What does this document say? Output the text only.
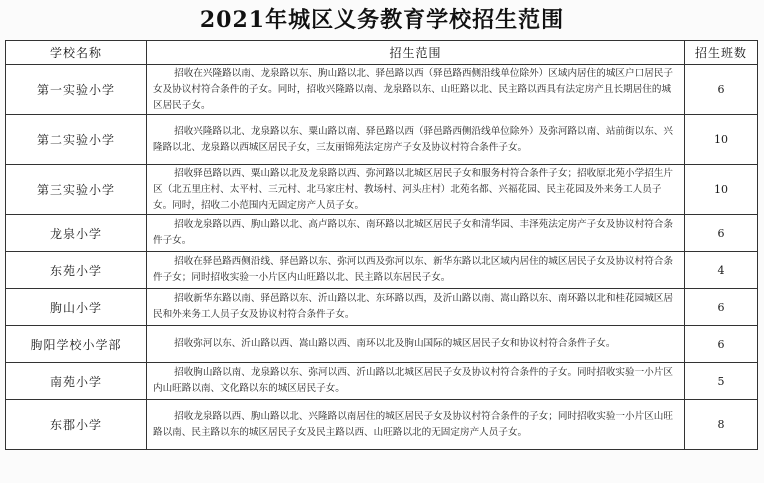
2021年城区义务教育学校招生范围
学校名称	招生范围	招生班数
第一实验小学	招收在兴隆路以南、龙泉路以东、朐山路以北、驿邑路以西（驿邑路西侧沿线单位除外）区域内居住的城区户口居民子女及协议村符合条件的子女。同时，招收兴隆路以南、龙泉路以东、山旺路以北、民主路以西具有法定房产且长期居住的城区居民子女。	6
第二实验小学	招收兴隆路以北、龙泉路以东、粟山路以南、驿邑路以西（驿邑路西侧沿线单位除外）及弥河路以南、站前街以东、兴隆路以北、龙泉路以西城区居民子女，三友丽锦苑法定房产子女及协议村符合条件子女。	10
第三实验小学	招收驿邑路以西、粟山路以北及龙泉路以西、弥河路以北城区居民子女和服务村符合条件子女；招收原北苑小学招生片区（北五里庄村、太平村、三元村、北马家庄村、教场村、河头庄村）北苑名都、兴福花园、民主花园及外来务工人员子女。同时，招收二小范围内无固定房产人员子女。	10
龙泉小学	招收龙泉路以西、朐山路以北、高卢路以东、南环路以北城区居民子女和清华园、丰泽苑法定房产子女及协议村符合条件子女。	6
东苑小学	招收在驿邑路西侧沿线、驿邑路以东、弥河以西及弥河以东、新华东路以北区域内居住的城区居民子女及协议村符合条件子女；同时招收实验一小片区内山旺路以北、民主路以东居民子女。	4
朐山小学	招收新华东路以南、驿邑路以东、沂山路以北、东环路以西，及沂山路以南、嵩山路以东、南环路以北和桂花园城区居民和外来务工人员子女及协议村符合条件子女。	6
朐阳学校小学部	招收弥河以东、沂山路以西、嵩山路以西、南环以北及朐山国际的城区居民子女和协议村符合条件子女。	6
南苑小学	招收朐山路以南、龙泉路以东、弥河以西、沂山路以北城区居民子女及协议村符合条件的子女。同时招收实验一小片区内山旺路以南、文化路以东的城区居民子女。	5
东郡小学	招收龙泉路以西、朐山路以北、兴隆路以南居住的城区居民子女及协议村符合条件的子女；同时招收实验一小片区山旺路以南、民主路以东的城区居民子女及民主路以西、山旺路以北的无固定房产人员子女。	8
